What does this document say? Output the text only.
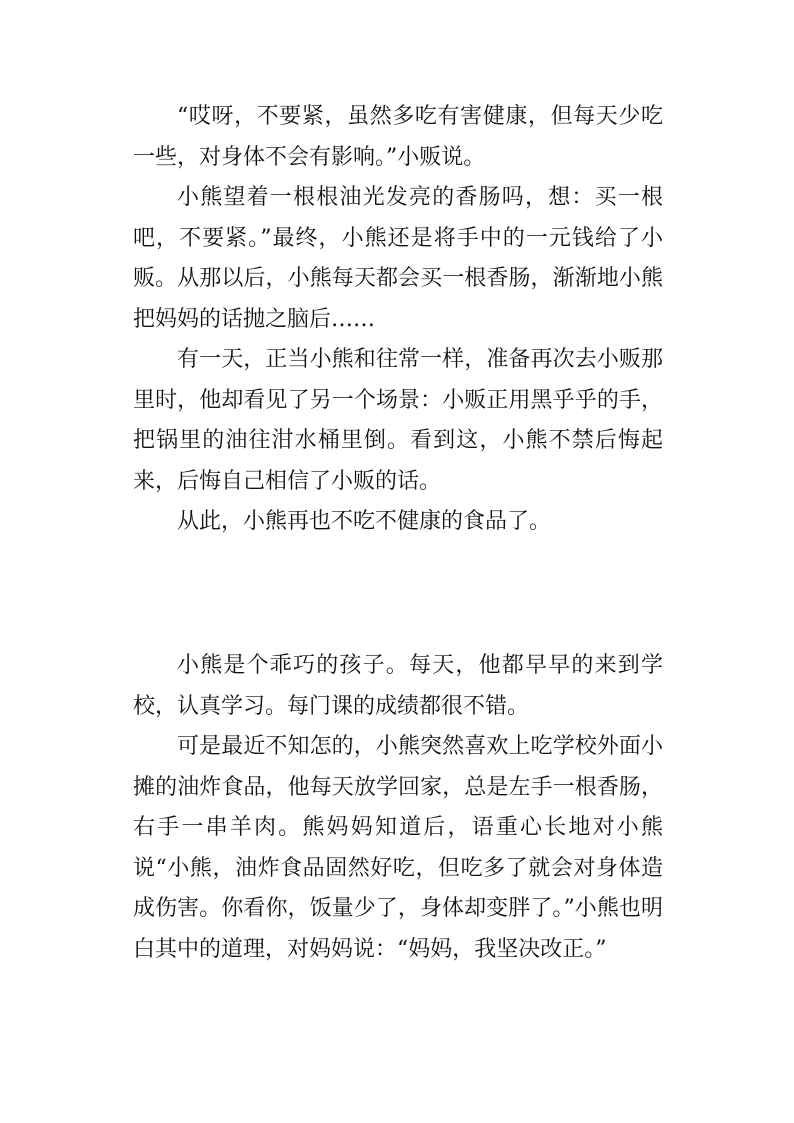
“哎呀，不要紧，虽然多吃有害健康，但每天少吃一些，对身体不会有影响。”小贩说。

小熊望着一根根油光发亮的香肠吗，想：买一根吧，不要紧。”最终，小熊还是将手中的一元钱给了小贩。从那以后，小熊每天都会买一根香肠，渐渐地小熊把妈妈的话抛之脑后……

有一天，正当小熊和往常一样，准备再次去小贩那里时，他却看见了另一个场景：小贩正用黑乎乎的手，把锅里的油往泔水桶里倒。看到这，小熊不禁后悔起来，后悔自己相信了小贩的话。

从此，小熊再也不吃不健康的食品了。

小熊是个乖巧的孩子。每天，他都早早的来到学校，认真学习。每门课的成绩都很不错。

可是最近不知怎的，小熊突然喜欢上吃学校外面小摊的油炸食品，他每天放学回家，总是左手一根香肠，右手一串羊肉。熊妈妈知道后，语重心长地对小熊说“小熊，油炸食品固然好吃，但吃多了就会对身体造成伤害。你看你，饭量少了，身体却变胖了。”小熊也明白其中的道理，对妈妈说：“妈妈，我坚决改正。”
